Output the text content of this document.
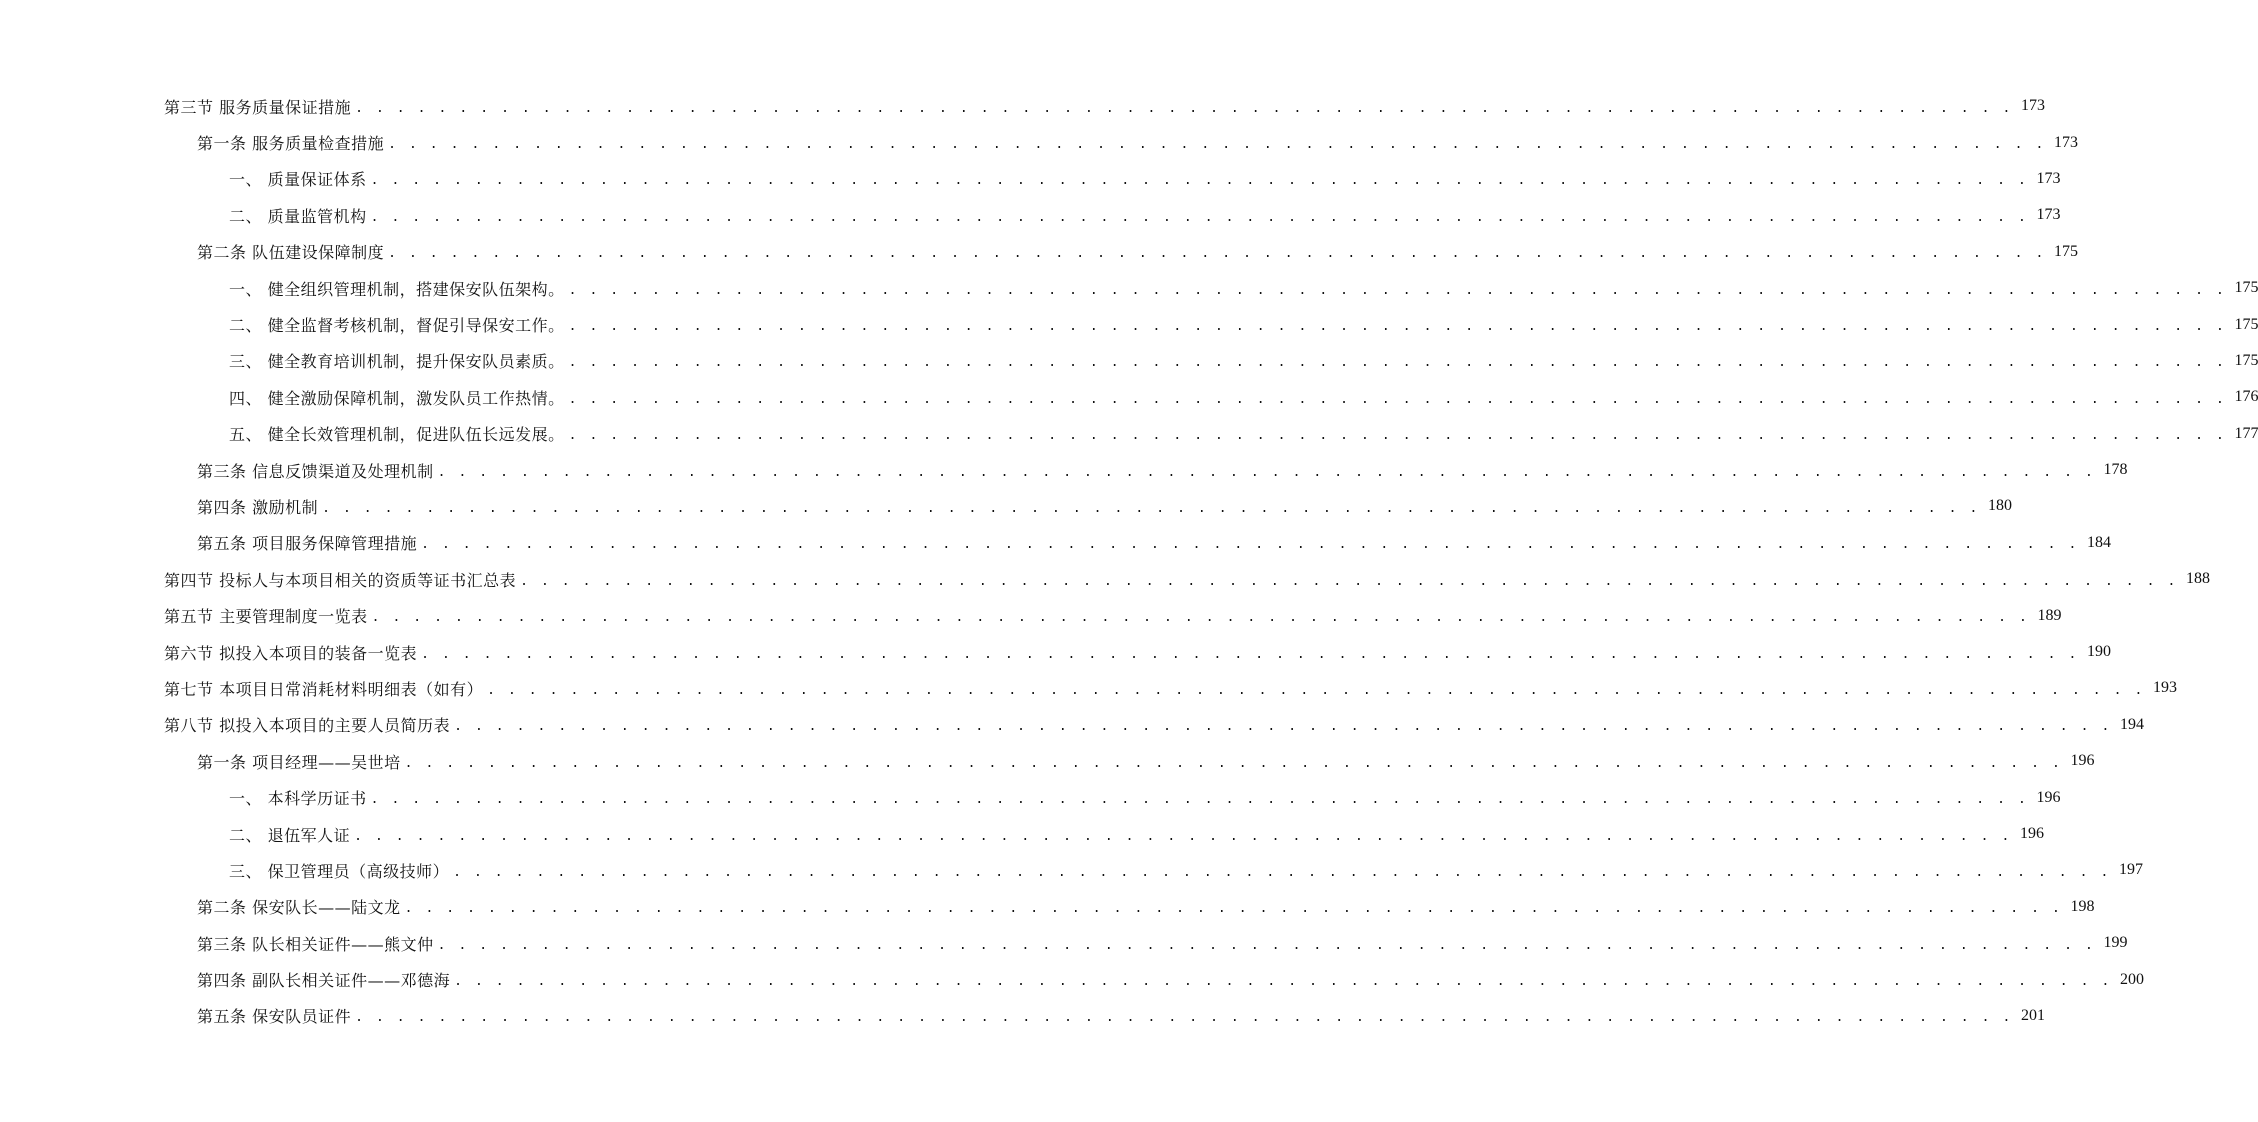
第三节 服务质量保证措施 . . . . . . . . . . . . . . . . . . . . . . . . . . . . . . . . . . . . . . . . . . . . . . . . . . . . . . . . . . . . . . . . . . . . . . . . . . . . . . . . 173
第一条 服务质量检查措施 . . . . . . . . . . . . . . . . . . . . . . . . . . . . . . . . . . . . . . . . . . . . . . . . . . . . . . . . . . . . . . . . . . . . . . . . . . . . . . . . 173
一、 质量保证体系 . . . . . . . . . . . . . . . . . . . . . . . . . . . . . . . . . . . . . . . . . . . . . . . . . . . . . . . . . . . . . . . . . . . . . . . . . . . . . . . . 173
二、 质量监管机构 . . . . . . . . . . . . . . . . . . . . . . . . . . . . . . . . . . . . . . . . . . . . . . . . . . . . . . . . . . . . . . . . . . . . . . . . . . . . . . . . 173
第二条 队伍建设保障制度 . . . . . . . . . . . . . . . . . . . . . . . . . . . . . . . . . . . . . . . . . . . . . . . . . . . . . . . . . . . . . . . . . . . . . . . . . . . . . . . . 175
一、 健全组织管理机制，搭建保安队伍架构。 . . . . . . . . . . . . . . . . . . . . . . . . . . . . . . . . . . . . . . . . . . . . . . . . . . . . . . . . . . . . . . . . . . . . . . . . . . . . . . . . 175
二、 健全监督考核机制，督促引导保安工作。 . . . . . . . . . . . . . . . . . . . . . . . . . . . . . . . . . . . . . . . . . . . . . . . . . . . . . . . . . . . . . . . . . . . . . . . . . . . . . . . . 175
三、 健全教育培训机制，提升保安队员素质。 . . . . . . . . . . . . . . . . . . . . . . . . . . . . . . . . . . . . . . . . . . . . . . . . . . . . . . . . . . . . . . . . . . . . . . . . . . . . . . . . 175
四、 健全激励保障机制，激发队员工作热情。 . . . . . . . . . . . . . . . . . . . . . . . . . . . . . . . . . . . . . . . . . . . . . . . . . . . . . . . . . . . . . . . . . . . . . . . . . . . . . . . . 176
五、 健全长效管理机制，促进队伍长远发展。 . . . . . . . . . . . . . . . . . . . . . . . . . . . . . . . . . . . . . . . . . . . . . . . . . . . . . . . . . . . . . . . . . . . . . . . . . . . . . . . . 177
第三条 信息反馈渠道及处理机制 . . . . . . . . . . . . . . . . . . . . . . . . . . . . . . . . . . . . . . . . . . . . . . . . . . . . . . . . . . . . . . . . . . . . . . . . . . . . . . . . 178
第四条 激励机制 . . . . . . . . . . . . . . . . . . . . . . . . . . . . . . . . . . . . . . . . . . . . . . . . . . . . . . . . . . . . . . . . . . . . . . . . . . . . . . . . 180
第五条 项目服务保障管理措施 . . . . . . . . . . . . . . . . . . . . . . . . . . . . . . . . . . . . . . . . . . . . . . . . . . . . . . . . . . . . . . . . . . . . . . . . . . . . . . . . 184
第四节 投标人与本项目相关的资质等证书汇总表 . . . . . . . . . . . . . . . . . . . . . . . . . . . . . . . . . . . . . . . . . . . . . . . . . . . . . . . . . . . . . . . . . . . . . . . . . . . . . . . . 188
第五节 主要管理制度一览表 . . . . . . . . . . . . . . . . . . . . . . . . . . . . . . . . . . . . . . . . . . . . . . . . . . . . . . . . . . . . . . . . . . . . . . . . . . . . . . . . 189
第六节 拟投入本项目的装备一览表 . . . . . . . . . . . . . . . . . . . . . . . . . . . . . . . . . . . . . . . . . . . . . . . . . . . . . . . . . . . . . . . . . . . . . . . . . . . . . . . . 190
第七节 本项目日常消耗材料明细表（如有） . . . . . . . . . . . . . . . . . . . . . . . . . . . . . . . . . . . . . . . . . . . . . . . . . . . . . . . . . . . . . . . . . . . . . . . . . . . . . . . . 193
第八节 拟投入本项目的主要人员简历表 . . . . . . . . . . . . . . . . . . . . . . . . . . . . . . . . . . . . . . . . . . . . . . . . . . . . . . . . . . . . . . . . . . . . . . . . . . . . . . . . 194
第一条 项目经理——吴世培 . . . . . . . . . . . . . . . . . . . . . . . . . . . . . . . . . . . . . . . . . . . . . . . . . . . . . . . . . . . . . . . . . . . . . . . . . . . . . . . . 196
一、 本科学历证书 . . . . . . . . . . . . . . . . . . . . . . . . . . . . . . . . . . . . . . . . . . . . . . . . . . . . . . . . . . . . . . . . . . . . . . . . . . . . . . . . 196
二、 退伍军人证 . . . . . . . . . . . . . . . . . . . . . . . . . . . . . . . . . . . . . . . . . . . . . . . . . . . . . . . . . . . . . . . . . . . . . . . . . . . . . . . . 196
三、 保卫管理员（高级技师） . . . . . . . . . . . . . . . . . . . . . . . . . . . . . . . . . . . . . . . . . . . . . . . . . . . . . . . . . . . . . . . . . . . . . . . . . . . . . . . . 197
第二条 保安队长——陆文龙 . . . . . . . . . . . . . . . . . . . . . . . . . . . . . . . . . . . . . . . . . . . . . . . . . . . . . . . . . . . . . . . . . . . . . . . . . . . . . . . . 198
第三条 队长相关证件——熊文仲 . . . . . . . . . . . . . . . . . . . . . . . . . . . . . . . . . . . . . . . . . . . . . . . . . . . . . . . . . . . . . . . . . . . . . . . . . . . . . . . . 199
第四条 副队长相关证件——邓德海 . . . . . . . . . . . . . . . . . . . . . . . . . . . . . . . . . . . . . . . . . . . . . . . . . . . . . . . . . . . . . . . . . . . . . . . . . . . . . . . . 200
第五条 保安队员证件 . . . . . . . . . . . . . . . . . . . . . . . . . . . . . . . . . . . . . . . . . . . . . . . . . . . . . . . . . . . . . . . . . . . . . . . . . . . . . . . . 201
